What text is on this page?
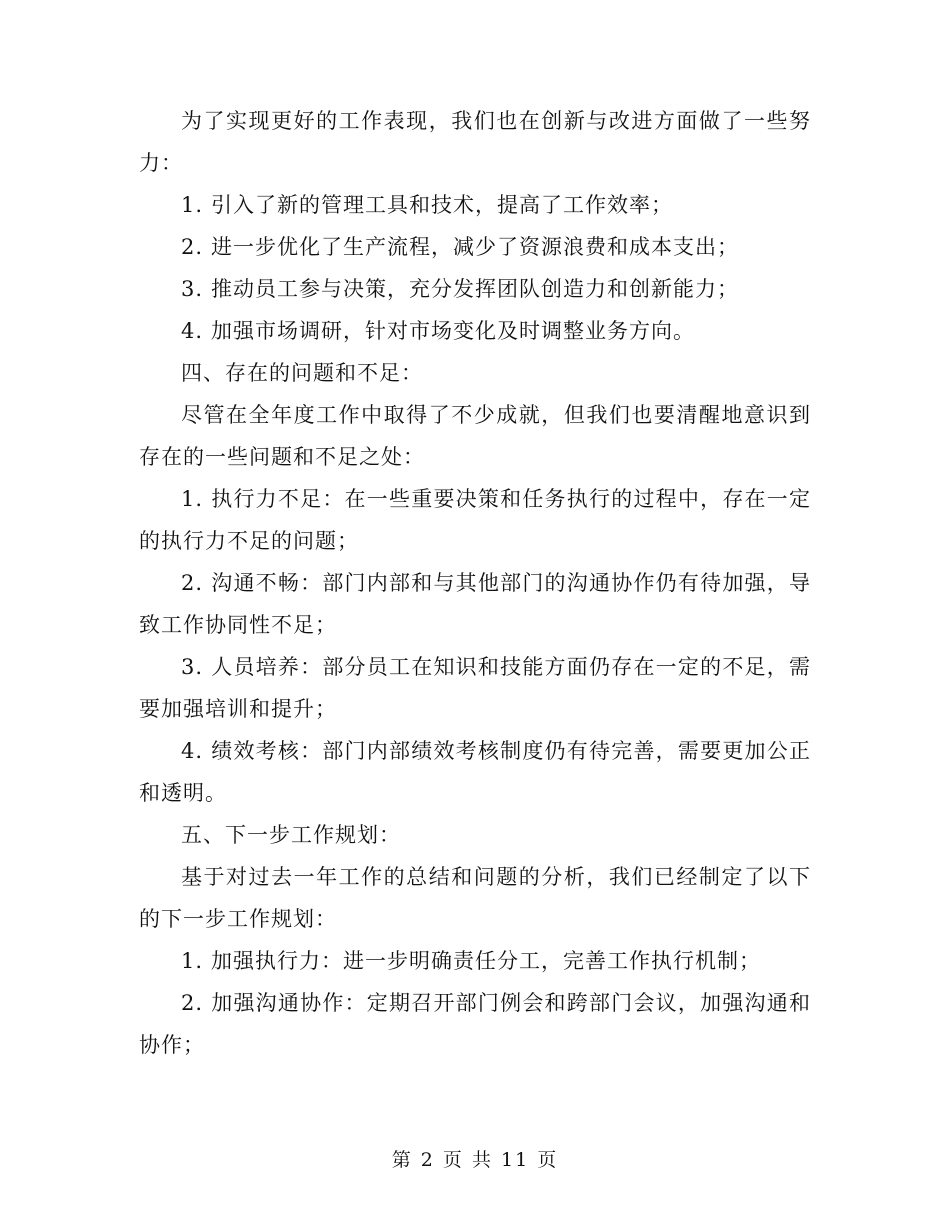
为了实现更好的工作表现，我们也在创新与改进方面做了一些努力：

1. 引入了新的管理工具和技术，提高了工作效率；

2. 进一步优化了生产流程，减少了资源浪费和成本支出；

3. 推动员工参与决策，充分发挥团队创造力和创新能力；

4. 加强市场调研，针对市场变化及时调整业务方向。

四、存在的问题和不足：

尽管在全年度工作中取得了不少成就，但我们也要清醒地意识到存在的一些问题和不足之处：

1. 执行力不足：在一些重要决策和任务执行的过程中，存在一定的执行力不足的问题；

2. 沟通不畅：部门内部和与其他部门的沟通协作仍有待加强，导致工作协同性不足；

3. 人员培养：部分员工在知识和技能方面仍存在一定的不足，需要加强培训和提升；

4. 绩效考核：部门内部绩效考核制度仍有待完善，需要更加公正和透明。

五、下一步工作规划：

基于对过去一年工作的总结和问题的分析，我们已经制定了以下的下一步工作规划：

1. 加强执行力：进一步明确责任分工，完善工作执行机制；

2. 加强沟通协作：定期召开部门例会和跨部门会议，加强沟通和协作；

第 2 页 共 11 页
